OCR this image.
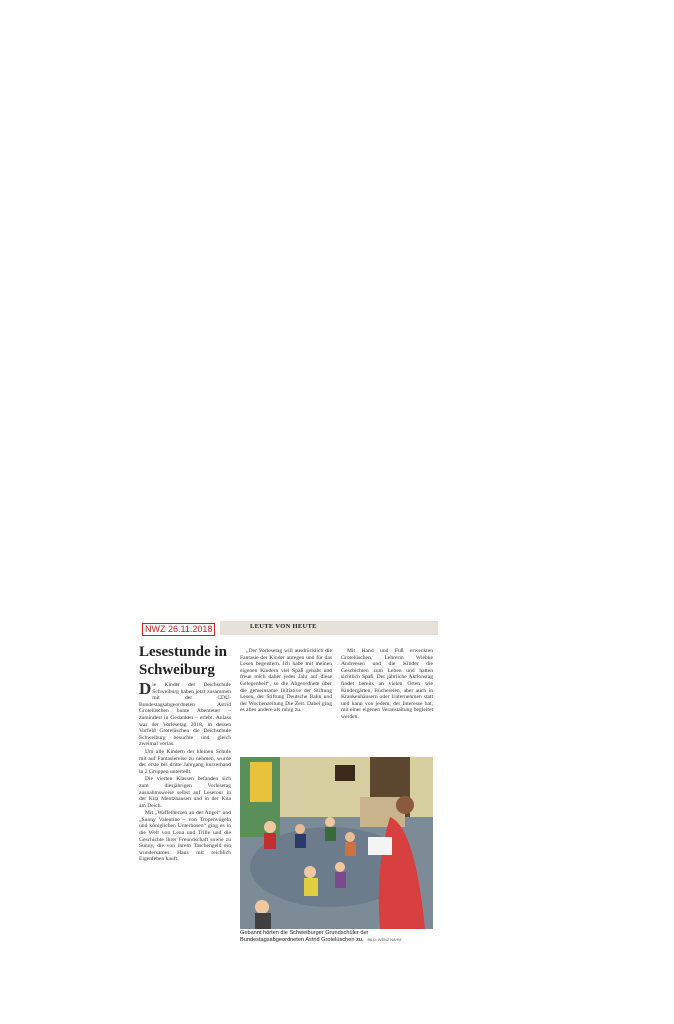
NWZ 26.11.2018	LEUTE VON HEUTE
Lesestunde in Schweiburg

Die Kinder der Deichschule Schweiburg haben jetzt zusammen mit der CDU-Bundestagsabgeordneten Astrid Grotelüschen bunte Abenteuer – zumindest in Gedanken – erlebt. Anlass war der Vorlesetag 2018, in dessen Vorfeld Grotelüschen die Deichschule Schweiburg besuchte und gleich zweimal vorlas.

Um alle Kindern der kleinen Schule mit auf Fantasiereise zu nehmen, wurde der erste bis dritte Jahrgang kurzerhand in 2 Gruppen unterteilt.

Die vierten Klassen befanden sich zum diesjährigen Vorlesetag ausnahmsweise selbst auf Lesetour in der Kita Mentzhausen und in der Kita am Deich.

Mit „Waffelherzen an der Angel“ und „Sunny Valentine – von Tropenvögeln und königlichen Unterhosen“ ging es in die Welt von Lena und Trille und die Geschichte ihrer Freundschaft sowie zu Sunny, die von ihrem Taschengeld ein wundersames Haus mit reichlich Eigenleben kauft.

„Der Vorlesetag will ausdrücklich die Fantasie der Kinder anregen und für das Lesen begeistern. Ich habe mit meinen eigenen Kindern viel Spaß gehabt und freue mich daher jedes Jahr auf diese Gelegenheit“, so die Abgeordnete über die gemeinsame Initiative der Stiftung Lesen, der Stiftung Deutsche Bahn und der Wochenzeitung Die Zeit. Dabei ging es alles andere als ruhig zu.

Mit Hand und Fuß erweckten Grotelüschen, Lehrerin Wiebke Andreesen und die Kinder die Geschichten zum Leben und hatten sichtlich Spaß. Der jährliche Aktionstag findet bereits an vielen Orten wie Kindergärten, Büchereien, aber auch in Krankenhäusern oder Unternehmen statt und kann von jedem, der Interesse hat, mit einer eigenen Veranstaltung begleitet werden.

Gebannt hörten die Schweiburger Grundschüler der Bundestagsabgeordneten Astrid Grotelüschen zu. BILD: WENZ NAHM
